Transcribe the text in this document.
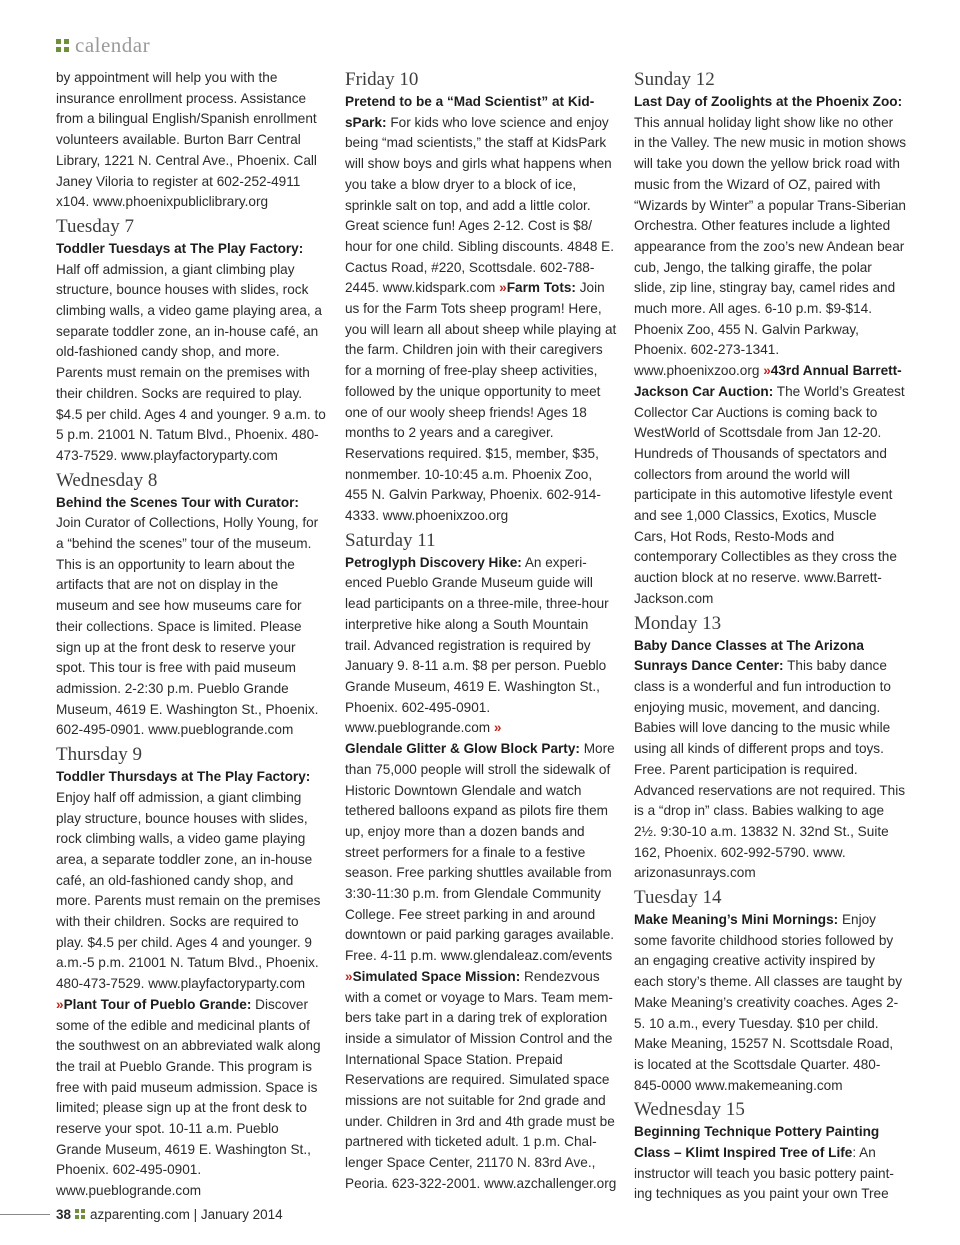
calendar

by appointment will help you with the insurance enrollment process. Assistance from a bilingual English/Spanish enrollment volunteers available. Burton Barr Central Library, 1221 N. Central Ave., Phoenix. Call Janey Viloria to register at 602-252-4911 x104. www.phoenixpubliclibrary.org

Tuesday 7

Toddler Tuesdays at The Play Factory: Half off admission, a giant climbing play structure, bounce houses with slides, rock climbing walls, a video game playing area, a separate toddler zone, an in-house café, an old-fashioned candy shop, and more. Parents must remain on the premises with their children. Socks are required to play. $4.5 per child. Ages 4 and younger. 9 a.m. to 5 p.m. 21001 N. Tatum Blvd., Phoenix. 480-473-7529. www.playfactoryparty.com

Wednesday 8

Behind the Scenes Tour with Curator: Join Curator of Collections, Holly Young, for a “behind the scenes” tour of the museum. This is an opportunity to learn about the artifacts that are not on display in the museum and see how museums care for their collections. Space is limited. Please sign up at the front desk to reserve your spot. This tour is free with paid museum admission. 2-2:30 p.m. Pueblo Grande Museum, 4619 E. Washington St., Phoenix. 602-495-0901. www.pueblogrande.com

Thursday 9

Toddler Thursdays at The Play Factory: Enjoy half off admission, a giant climbing play structure, bounce houses with slides, rock climbing walls, a video game playing area, a separate toddler zone, an in-house café, an old-fashioned candy shop, and more. Parents must remain on the premises with their children. Socks are required to play. $4.5 per child. Ages 4 and younger. 9 a.m.-5 p.m. 21001 N. Tatum Blvd., Phoenix. 480-473-7529. www.playfactoryparty.com
»Plant Tour of Pueblo Grande: Discover some of the edible and medicinal plants of the southwest on an abbreviated walk along the trail at Pueblo Grande. This program is free with paid museum admission. Space is limited; please sign up at the front desk to reserve your spot. 10-11 a.m. Pueblo Grande Museum, 4619 E. Washington St., Phoenix. 602-495-0901. www.pueblogrande.com

Friday 10

Pretend to be a “Mad Scientist” at Kid-sPark: For kids who love science and enjoy being “mad scientists,” the staff at KidsPark will show boys and girls what happens when you take a blow dryer to a block of ice, sprinkle salt on top, and add a little color. Great science fun! Ages 2-12. Cost is $8/ hour for one child. Sibling discounts. 4848 E. Cactus Road, #220, Scottsdale. 602-788-2445. www.kidspark.com »Farm Tots: Join us for the Farm Tots sheep program! Here, you will learn all about sheep while playing at the farm. Children join with their caregivers for a morning of free-play sheep activities, followed by the unique opportunity to meet one of our wooly sheep friends! Ages 18 months to 2 years and a caregiver. Reservations required. $15, member, $35, nonmember. 10-10:45 a.m. Phoenix Zoo, 455 N. Galvin Parkway, Phoenix. 602-914-4333. www.phoenixzoo.org

Saturday 11

Petroglyph Discovery Hike: An experi-enced Pueblo Grande Museum guide will lead participants on a three-mile, three-hour interpretive hike along a South Mountain trail. Advanced registration is required by January 9. 8-11 a.m. $8 per person. Pueblo Grande Museum, 4619 E. Washington St., Phoenix. 602-495-0901. www.pueblogrande.com »
Glendale Glitter & Glow Block Party: More than 75,000 people will stroll the sidewalk of Historic Downtown Glendale and watch tethered balloons expand as pilots fire them up, enjoy more than a dozen bands and street performers for a finale to a festive season. Free parking shuttles available from 3:30-11:30 p.m. from Glendale Community College. Fee street parking in and around downtown or paid parking garages available. Free. 4-11 p.m. www.glendaleaz.com/events
»Simulated Space Mission: Rendezvous with a comet or voyage to Mars. Team mem-bers take part in a daring trek of exploration inside a simulator of Mission Control and the International Space Station. Prepaid Reservations are required. Simulated space missions are not suitable for 2nd grade and under. Children in 3rd and 4th grade must be partnered with ticketed adult. 1 p.m. Chal-lenger Space Center, 21170 N. 83rd Ave., Peoria. 623-322-2001. www.azchallenger.org

Sunday 12

Last Day of Zoolights at the Phoenix Zoo: This annual holiday light show like no other in the Valley. The new music in motion shows will take you down the yellow brick road with music from the Wizard of OZ, paired with “Wizards by Winter” a popular Trans-Siberian Orchestra. Other features include a lighted appearance from the zoo’s new Andean bear cub, Jengo, the talking giraffe, the polar slide, zip line, stingray bay, camel rides and much more. All ages. 6-10 p.m. $9-$14. Phoenix Zoo, 455 N. Galvin Parkway, Phoenix. 602-273-1341. www.phoenixzoo.org »43rd Annual Barrett-Jackson Car Auction: The World’s Greatest Collector Car Auctions is coming back to WestWorld of Scottsdale from Jan 12-20. Hundreds of Thousands of spectators and collectors from around the world will participate in this automotive lifestyle event and see 1,000 Classics, Exotics, Muscle Cars, Hot Rods, Resto-Mods and contemporary Collectibles as they cross the auction block at no reserve. www.Barrett-Jackson.com

Monday 13

Baby Dance Classes at The Arizona Sunrays Dance Center: This baby dance class is a wonderful and fun introduction to enjoying music, movement, and dancing. Babies will love dancing to the music while using all kinds of different props and toys. Free. Parent participation is required. Advanced reservations are not required. This is a “drop in” class. Babies walking to age 2½. 9:30-10 a.m. 13832 N. 32nd St., Suite 162, Phoenix. 602-992-5790. www. arizonasunrays.com

Tuesday 14

Make Meaning’s Mini Mornings: Enjoy some favorite childhood stories followed by an engaging creative activity inspired by each story’s theme. All classes are taught by Make Meaning’s creativity coaches. Ages 2-5. 10 a.m., every Tuesday. $10 per child. Make Meaning, 15257 N. Scottsdale Road, is located at the Scottsdale Quarter. 480-845-0000 www.makemeaning.com

Wednesday 15

Beginning Technique Pottery Painting Class – Klimt Inspired Tree of Life: An instructor will teach you basic pottery paint-ing techniques as you paint your own Tree

38 azparenting.com | January 2014
